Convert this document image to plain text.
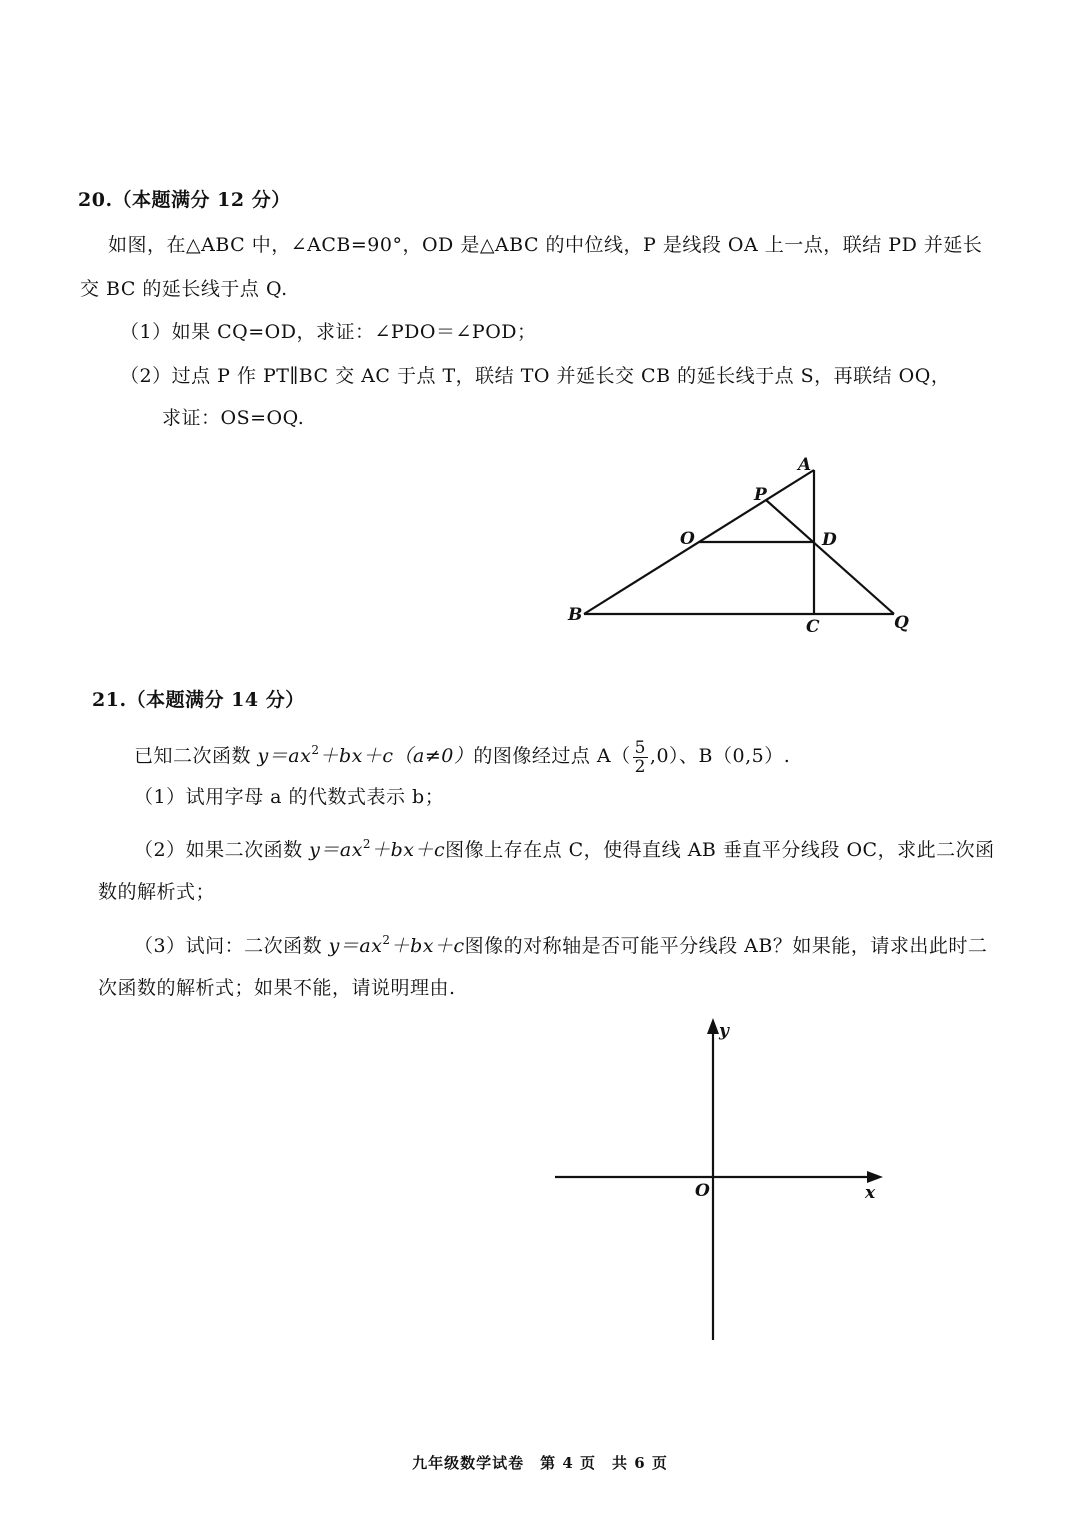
20.（本题满分 12 分）
如图，在△ABC 中，∠ACB=90°，OD 是△ABC 的中位线，P 是线段 OA 上一点，联结 PD 并延长
交 BC 的延长线于点 Q.
（1）如果 CQ=OD，求证：∠PDO＝∠POD；
（2）过点 P 作 PT∥BC 交 AC 于点 T，联结 TO 并延长交 CB 的延长线于点 S，再联结 OQ，
求证：OS=OQ.
A
P
O	D
B
C	Q
21.（本题满分 14 分）
已知二次函数 $y=ax^2+bx+c(a\ne 0)$的图像经过点 $A( \frac{5}{2} ,0)$、B（0,5）.
（1）试用字母 a 的代数式表示 b；
（2）如果二次函数 $y=ax^2+bx+c$图像上存在点 C，使得直线 AB 垂直平分线段 OC，求此二次函
数的解析式；
（3）试问：二次函数 $y=ax^2+bx+c$图像的对称轴是否可能平分线段 AB？如果能，请求出此时二
次函数的解析式；如果不能，请说明理由.
y
x
O
九年级数学试卷　第 4 页　共 6 页
